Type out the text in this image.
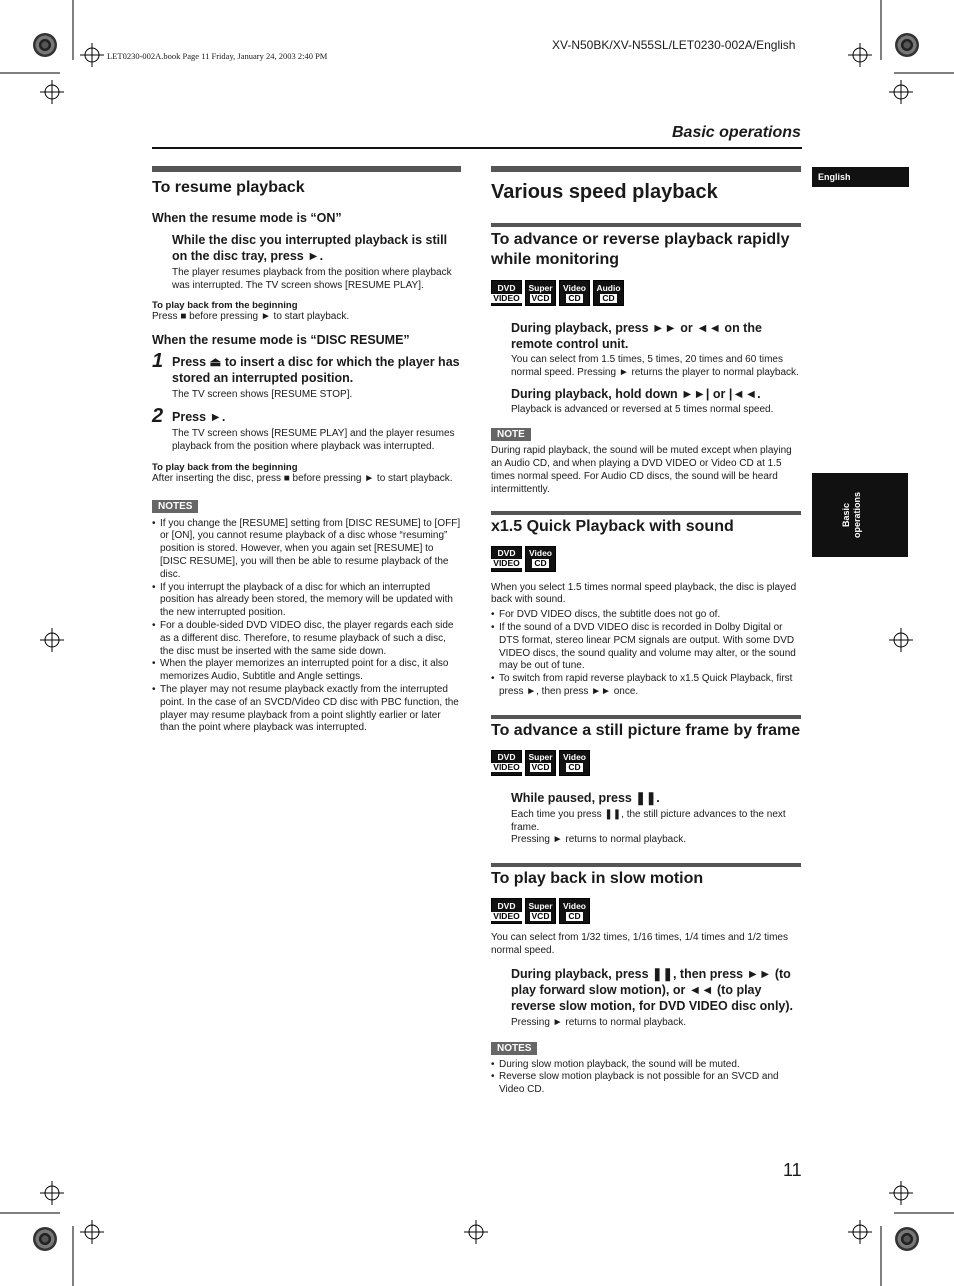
XV-N50BK/XV-N55SL/LET0230-002A/English
LET0230-002A.book Page 11 Friday, January 24, 2003 2:40 PM
Basic operations
English
Basic
operations
To resume playback
When the resume mode is “ON”
While the disc you interrupted playback is still on the disc tray, press ►.
The player resumes playback from the position where playback was interrupted. The TV screen shows [RESUME PLAY].
To play back from the beginning
Press ■ before pressing ► to start playback.
When the resume mode is “DISC RESUME”
1 Press ⏏ to insert a disc for which the player has stored an interrupted position.
The TV screen shows [RESUME STOP].
2 Press ►.
The TV screen shows [RESUME PLAY] and the player resumes playback from the position where playback was interrupted.
To play back from the beginning
After inserting the disc, press ■ before pressing ► to start playback.
NOTES
• If you change the [RESUME] setting from [DISC RESUME] to [OFF] or [ON], you cannot resume playback of a disc whose “resuming” position is stored. However, when you again set [RESUME] to [DISC RESUME], you will then be able to resume playback of the disc.
• If you interrupt the playback of a disc for which an interrupted position has already been stored, the memory will be updated with the new interrupted position.
• For a double-sided DVD VIDEO disc, the player regards each side as a different disc. Therefore, to resume playback of such a disc, the disc must be inserted with the same side down.
• When the player memorizes an interrupted point for a disc, it also memorizes Audio, Subtitle and Angle settings.
• The player may not resume playback exactly from the interrupted point. In the case of an SVCD/Video CD disc with PBC function, the player may resume playback from a point slightly earlier or later than the point where playback was interrupted.
Various speed playback
To advance or reverse playback rapidly while monitoring
DVD
VIDEO
Super
VCD
Video
CD
Audio
CD
During playback, press ►► or ◄◄ on the remote control unit.
You can select from 1.5 times, 5 times, 20 times and 60 times normal speed. Pressing ► returns the player to normal playback.
During playback, hold down ►►| or |◄◄.
Playback is advanced or reversed at 5 times normal speed.
NOTE
During rapid playback, the sound will be muted except when playing an Audio CD, and when playing a DVD VIDEO or Video CD at 1.5 times normal speed. For Audio CD discs, the sound will be heard intermittently.
x1.5 Quick Playback with sound
DVD
VIDEO
Video
CD
When you select 1.5 times normal speed playback, the disc is played back with sound.
• For DVD VIDEO discs, the subtitle does not go of.
• If the sound of a DVD VIDEO disc is recorded in Dolby Digital or DTS format, stereo linear PCM signals are output. With some DVD VIDEO discs, the sound quality and volume may alter, or the sound may be out of tune.
• To switch from rapid reverse playback to x1.5 Quick Playback, first press ►, then press ►► once.
To advance a still picture frame by frame
DVD
VIDEO
Super
VCD
Video
CD
While paused, press ❚❚.
Each time you press ❚❚, the still picture advances to the next frame.
Pressing ► returns to normal playback.
To play back in slow motion
DVD
VIDEO
Super
VCD
Video
CD
You can select from 1/32 times, 1/16 times, 1/4 times and 1/2 times normal speed.
During playback, press ❚❚, then press ►► (to play forward slow motion), or ◄◄ (to play reverse slow motion, for DVD VIDEO disc only).
Pressing ► returns to normal playback.
NOTES
• During slow motion playback, the sound will be muted.
• Reverse slow motion playback is not possible for an SVCD and Video CD.
11
